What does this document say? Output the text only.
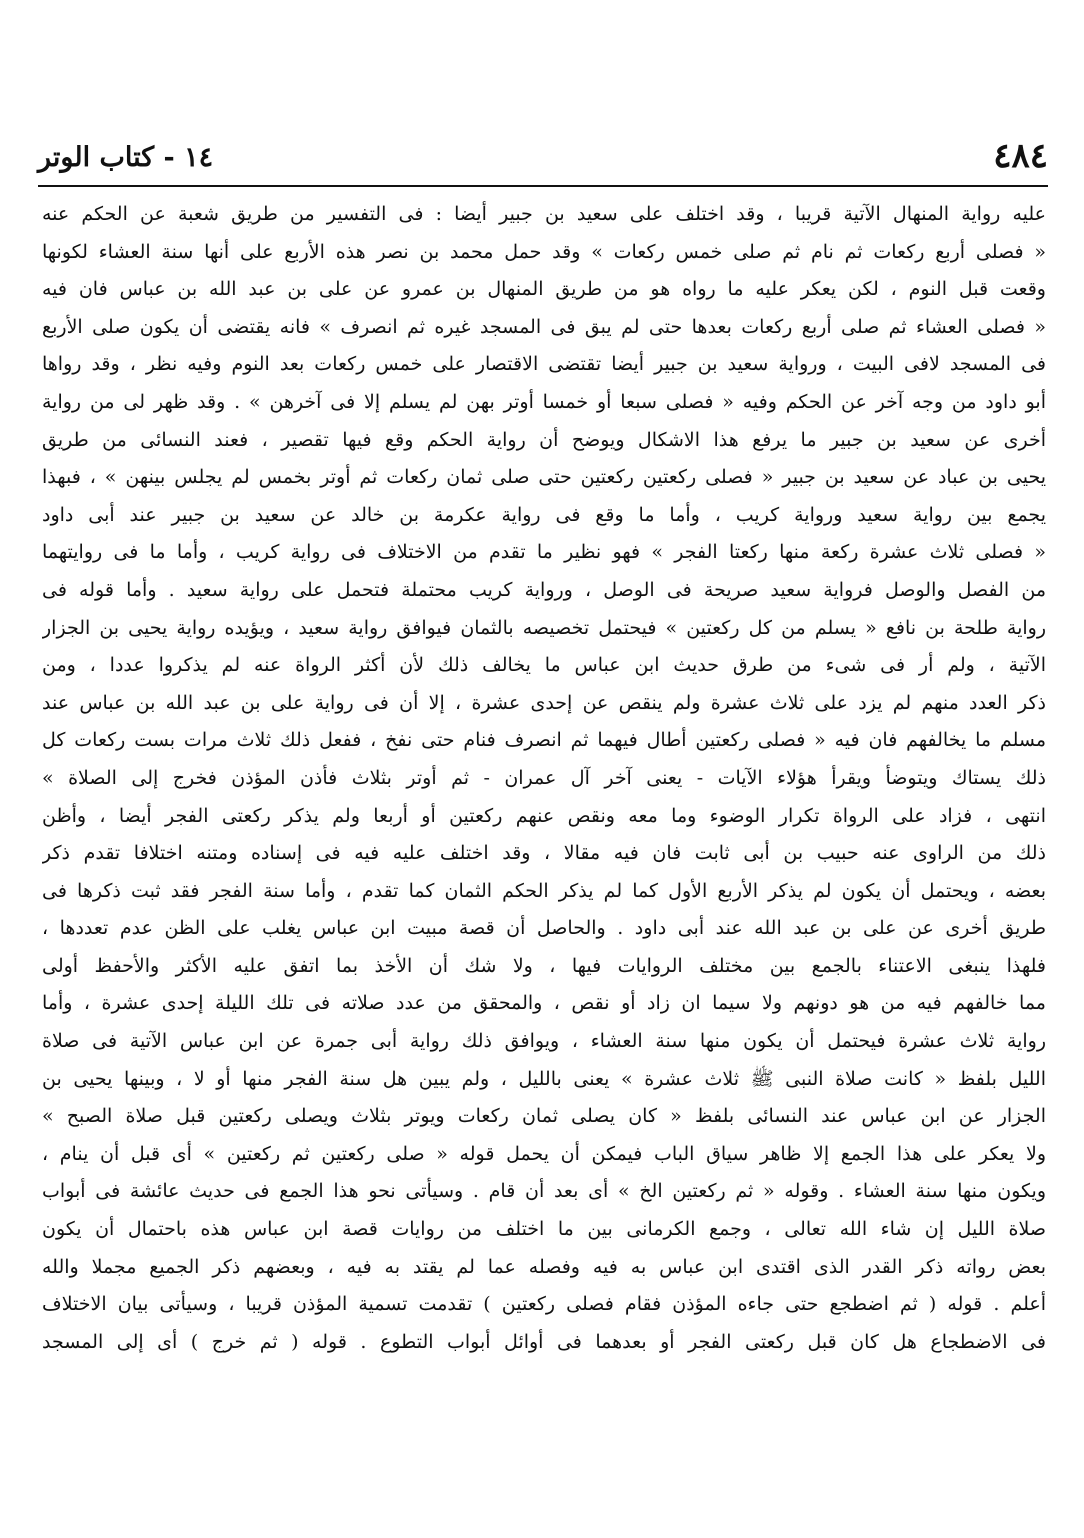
٤٨٤
١٤ - كتاب الوتر
عليه رواية المنهال الآتية قريبا ، وقد اختلف على سعيد بن جبير أيضا : فى التفسير من طريق شعبة عن الحكم عنه
« فصلى أربع ركعات ثم نام ثم صلى خمس ركعات » وقد حمل محمد بن نصر هذه الأربع على أنها سنة العشاء لكونها
وقعت قبل النوم ، لكن يعكر عليه ما رواه هو من طريق المنهال بن عمرو عن على بن عبد الله بن عباس فان فيه
« فصلى العشاء ثم صلى أربع ركعات بعدها حتى لم يبق فى المسجد غيره ثم انصرف » فانه يقتضى أن يكون صلى الأربع
فى المسجد لافى البيت ، ورواية سعيد بن جبير أيضا تقتضى الاقتصار على خمس ركعات بعد النوم وفيه نظر ، وقد رواها
أبو داود من وجه آخر عن الحكم وفيه « فصلى سبعا أو خمسا أوتر بهن لم يسلم إلا فى آخرهن » . وقد ظهر لى من رواية
أخرى عن سعيد بن جبير ما يرفع هذا الاشكال ويوضح أن رواية الحكم وقع فيها تقصير ، فعند النسائى من طريق
يحيى بن عباد عن سعيد بن جبير « فصلى ركعتين ركعتين حتى صلى ثمان ركعات ثم أوتر بخمس لم يجلس بينهن » ، فبهذا
يجمع بين رواية سعيد ورواية كريب ، وأما ما وقع فى رواية عكرمة بن خالد عن سعيد بن جبير عند أبى داود
« فصلى ثلاث عشرة ركعة منها ركعتا الفجر » فهو نظير ما تقدم من الاختلاف فى رواية كريب ، وأما ما فى روايتهما
من الفصل والوصل فرواية سعيد صريحة فى الوصل ، ورواية كريب محتملة فتحمل على رواية سعيد . وأما قوله فى
رواية طلحة بن نافع « يسلم من كل ركعتين » فيحتمل تخصيصه بالثمان فيوافق رواية سعيد ، ويؤيده رواية يحيى بن الجزار
الآتية ، ولم أر فى شىء من طرق حديث ابن عباس ما يخالف ذلك لأن أكثر الرواة عنه لم يذكروا عددا ، ومن
ذكر العدد منهم لم يزد على ثلاث عشرة ولم ينقص عن إحدى عشرة ، إلا أن فى رواية على بن عبد الله بن عباس عند
مسلم ما يخالفهم فان فيه « فصلى ركعتين أطال فيهما ثم انصرف فنام حتى نفخ ، ففعل ذلك ثلاث مرات بست ركعات كل
ذلك يستاك ويتوضأ ويقرأ هؤلاء الآيات - يعنى آخر آل عمران - ثم أوتر بثلاث فأذن المؤذن فخرج إلى الصلاة »
انتهى ، فزاد على الرواة تكرار الوضوء وما معه ونقص عنهم ركعتين أو أربعا ولم يذكر ركعتى الفجر أيضا ، وأظن
ذلك من الراوى عنه حبيب بن أبى ثابت فان فيه مقالا ، وقد اختلف عليه فيه فى إسناده ومتنه اختلافا تقدم ذكر
بعضه ، ويحتمل أن يكون لم يذكر الأربع الأول كما لم يذكر الحكم الثمان كما تقدم ، وأما سنة الفجر فقد ثبت ذكرها فى
طريق أخرى عن على بن عبد الله عند أبى داود . والحاصل أن قصة مبيت ابن عباس يغلب على الظن عدم تعددها ،
فلهذا ينبغى الاعتناء بالجمع بين مختلف الروايات فيها ، ولا شك أن الأخذ بما اتفق عليه الأكثر والأحفظ أولى
مما خالفهم فيه من هو دونهم ولا سيما ان زاد أو نقص ، والمحقق من عدد صلاته فى تلك الليلة إحدى عشرة ، وأما
رواية ثلاث عشرة فيحتمل أن يكون منها سنة العشاء ، ويوافق ذلك رواية أبى جمرة عن ابن عباس الآتية فى صلاة
الليل بلفظ « كانت صلاة النبى ﷺ ثلاث عشرة » يعنى بالليل ، ولم يبين هل سنة الفجر منها أو لا ، وبينها يحيى بن
الجزار عن ابن عباس عند النسائى بلفظ « كان يصلى ثمان ركعات ويوتر بثلاث ويصلى ركعتين قبل صلاة الصبح »
ولا يعكر على هذا الجمع إلا ظاهر سياق الباب فيمكن أن يحمل قوله « صلى ركعتين ثم ركعتين » أى قبل أن ينام ،
ويكون منها سنة العشاء . وقوله « ثم ركعتين الخ » أى بعد أن قام . وسيأتى نحو هذا الجمع فى حديث عائشة فى أبواب
صلاة الليل إن شاء الله تعالى ، وجمع الكرمانى بين ما اختلف من روايات قصة ابن عباس هذه باحتمال أن يكون
بعض رواته ذكر القدر الذى اقتدى ابن عباس به فيه وفصله عما لم يقتد به فيه ، وبعضهم ذكر الجميع مجملا والله
أعلم . قوله ( ثم اضطجع حتى جاءه المؤذن فقام فصلى ركعتين ) تقدمت تسمية المؤذن قريبا ، وسيأتى بيان الاختلاف
فى الاضطجاع هل كان قبل ركعتى الفجر أو بعدهما فى أوائل أبواب التطوع . قوله ( ثم خرج ) أى إلى المسجد
